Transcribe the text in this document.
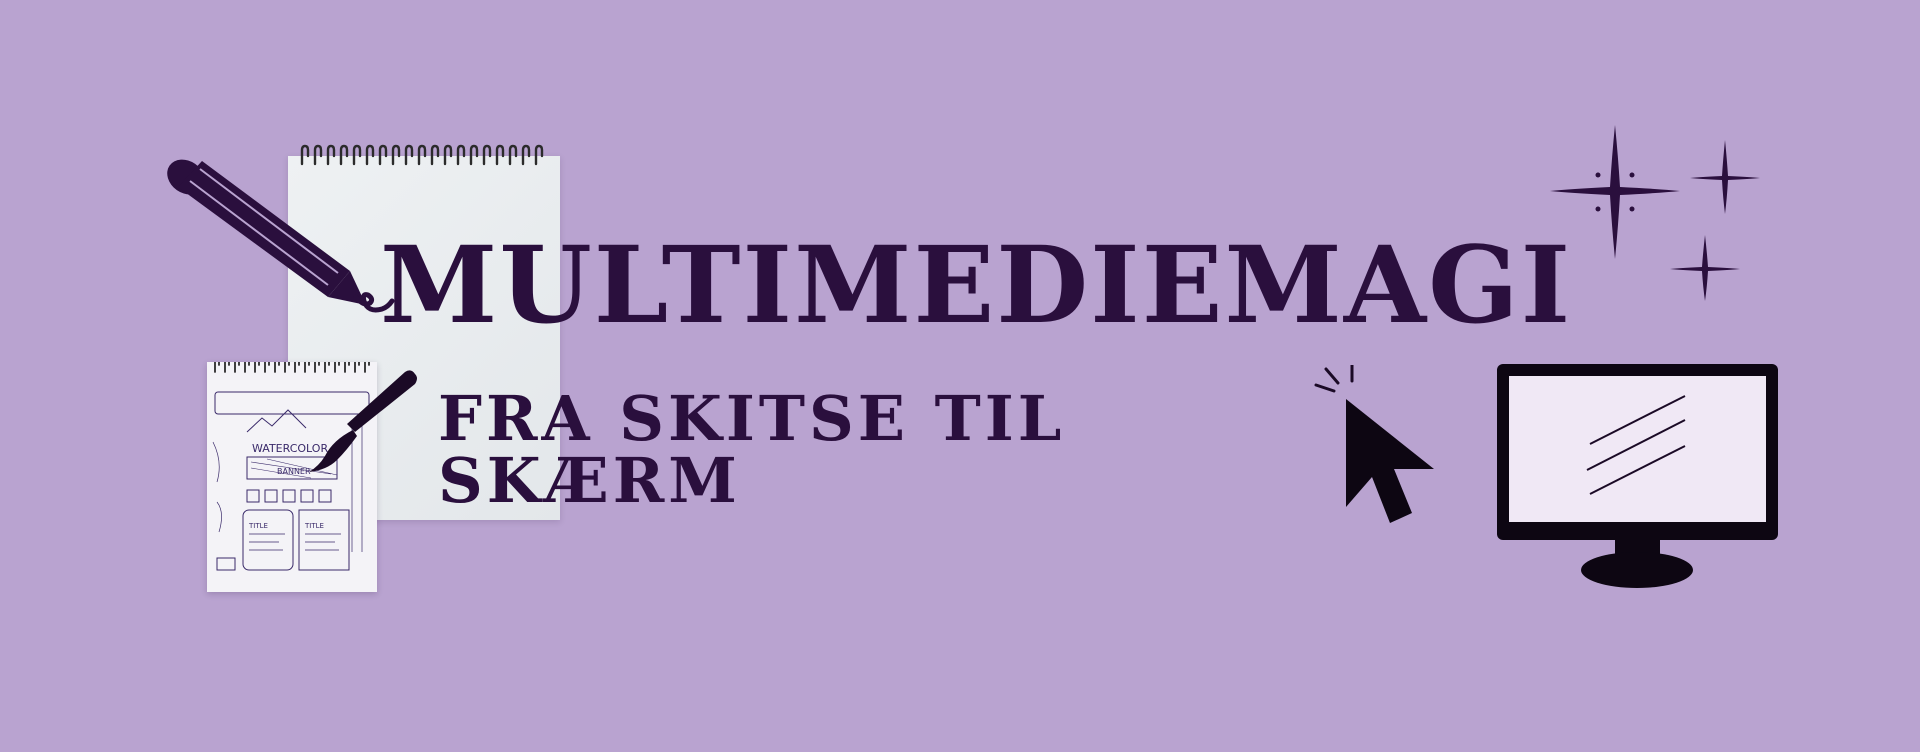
WATERCOLOR
BANNER
TITLE	TITLE
MULTIMEDIEMAGI
FRA SKITSE TIL SKÆRM
